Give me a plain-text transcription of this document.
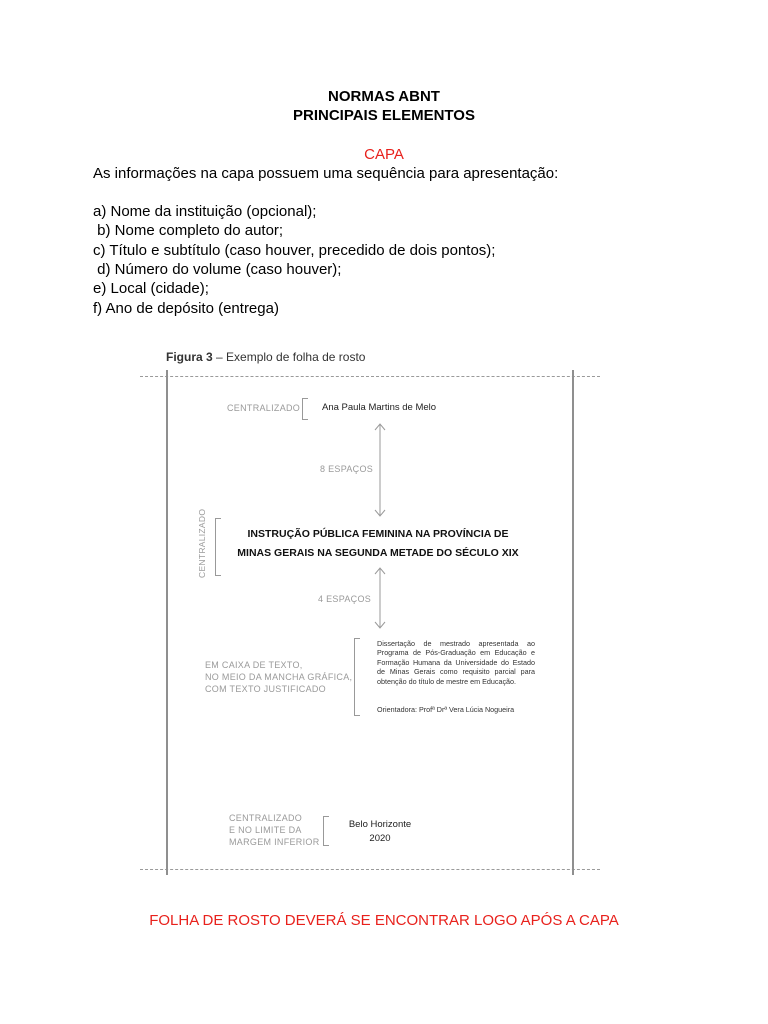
NORMAS ABNT
PRINCIPAIS ELEMENTOS
CAPA
As informações na capa possuem uma sequência para apresentação:
a) Nome da instituição (opcional);
b) Nome completo do autor;
c) Título e subtítulo (caso houver, precedido de dois pontos);
d) Número do volume (caso houver);
e) Local (cidade);
f) Ano de depósito (entrega)
Figura 3 – Exemplo de folha de rosto
CENTRALIZADO Ana Paula Martins de Melo
8 ESPAÇOS
CENTRALIZADO	INSTRUÇÃO PÚBLICA FEMININA NA PROVÍNCIA DE
MINAS GERAIS NA SEGUNDA METADE DO SÉCULO XIX
4 ESPAÇOS
EM CAIXA DE TEXTO,
NO MEIO DA MANCHA GRÁFICA,
COM TEXTO JUSTIFICADO
Dissertação de mestrado apresentada ao Programa de Pós-Graduação em Educação e Formação Humana da Universidade do Estado de Minas Gerais como requisito parcial para obtenção do título de mestre em Educação.
Orientadora: Profª Drª Vera Lúcia Nogueira
CENTRALIZADO
E NO LIMITE DA
MARGEM INFERIOR
Belo Horizonte
2020
FOLHA DE ROSTO DEVERÁ SE ENCONTRAR LOGO APÓS A CAPA
